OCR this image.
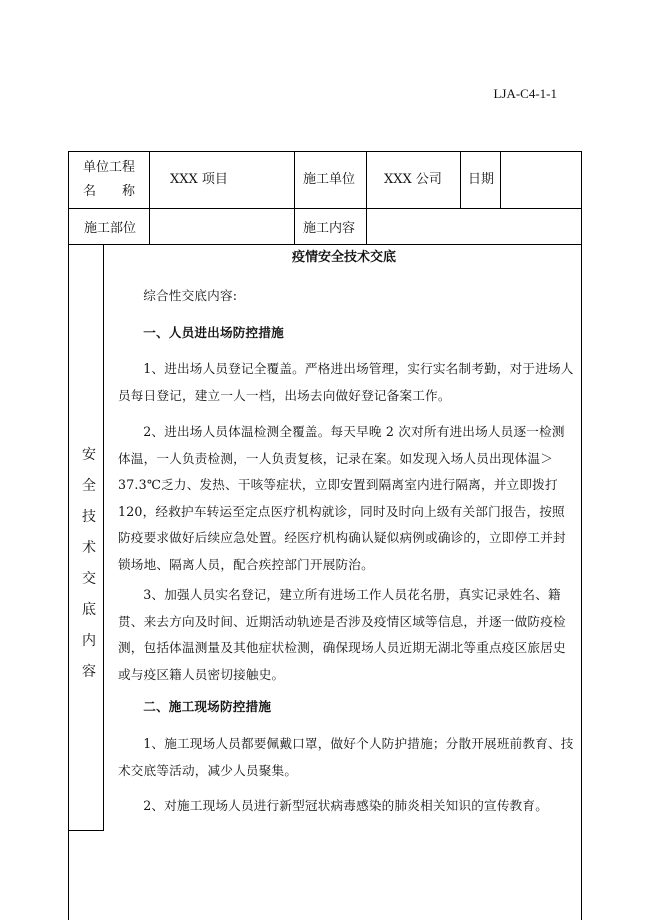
LJA-C4-1-1
单位工程
名　　称
XXX 项目	施工单位 XXX 公司 日期
施工部位	施工内容
安
全
技
术
交
底
内
容
疫情安全技术交底
综合性交底内容:
一、人员进出场防控措施
1、进出场人员登记全覆盖。严格进出场管理，实行实名制考勤，对于进场人员每日登记，建立一人一档，出场去向做好登记备案工作。
2、进出场人员体温检测全覆盖。每天早晚 2 次对所有进出场人员逐一检测体温，一人负责检测，一人负责复核，记录在案。如发现入场人员出现体温＞37.3℃乏力、发热、干咳等症状，立即安置到隔离室内进行隔离，并立即拨打 120，经救护车转运至定点医疗机构就诊，同时及时向上级有关部门报告，按照防疫要求做好后续应急处置。经医疗机构确认疑似病例或确诊的，立即停工并封锁场地、隔离人员，配合疾控部门开展防治。
3、加强人员实名登记，建立所有进场工作人员花名册，真实记录姓名、籍贯、来去方向及时间、近期活动轨迹是否涉及疫情区域等信息，并逐一做防疫检测，包括体温测量及其他症状检测，确保现场人员近期无湖北等重点疫区旅居史或与疫区籍人员密切接触史。
二、施工现场防控措施
1、施工现场人员都要佩戴口罩，做好个人防护措施；分散开展班前教育、技术交底等活动，减少人员聚集。
2、对施工现场人员进行新型冠状病毒感染的肺炎相关知识的宣传教育。
